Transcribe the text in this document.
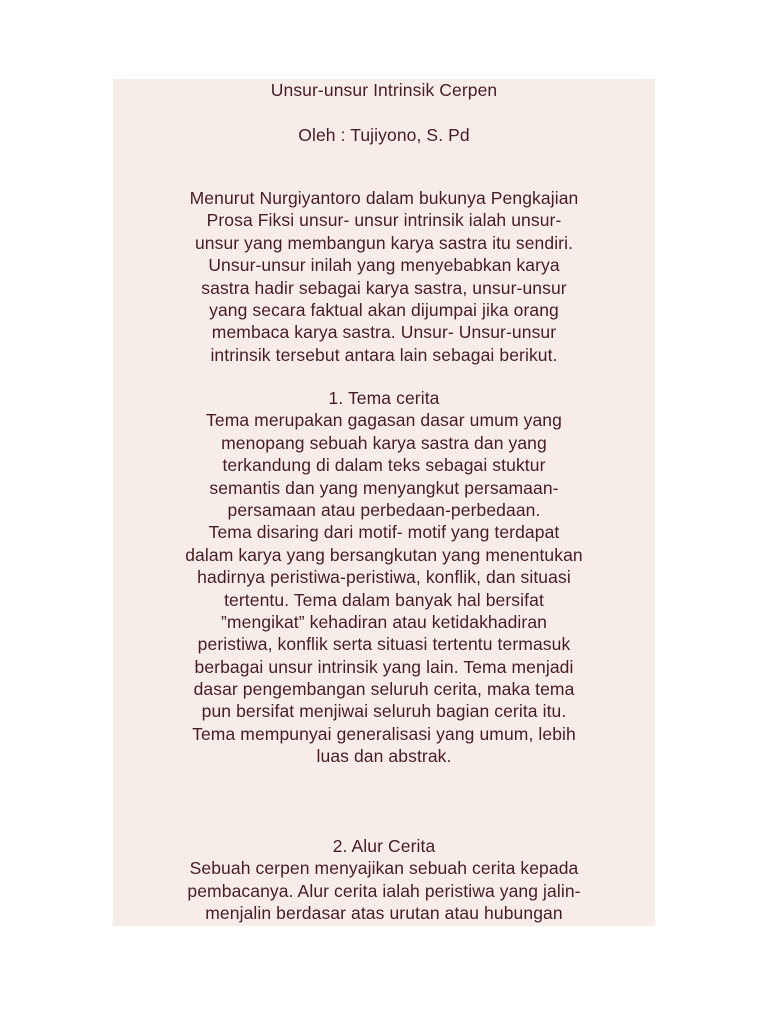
Unsur-unsur Intrinsik Cerpen
Oleh : Tujiyono, S. Pd
Menurut Nurgiyantoro dalam bukunya Pengkajian
Prosa Fiksi unsur- unsur intrinsik ialah unsur-
unsur yang membangun karya sastra itu sendiri.
Unsur-unsur inilah yang menyebabkan karya
sastra hadir sebagai karya sastra, unsur-unsur
yang secara faktual akan dijumpai jika orang
membaca karya sastra. Unsur- Unsur-unsur
intrinsik tersebut antara lain sebagai berikut.
1. Tema cerita
Tema merupakan gagasan dasar umum yang
menopang sebuah karya sastra dan yang
terkandung di dalam teks sebagai stuktur
semantis dan yang menyangkut persamaan-
persamaan atau perbedaan-perbedaan.
Tema disaring dari motif- motif yang terdapat
dalam karya yang bersangkutan yang menentukan
hadirnya peristiwa-peristiwa, konflik, dan situasi
tertentu. Tema dalam banyak hal bersifat
”mengikat” kehadiran atau ketidakhadiran
peristiwa, konflik serta situasi tertentu termasuk
berbagai unsur intrinsik yang lain. Tema menjadi
dasar pengembangan seluruh cerita, maka tema
pun bersifat menjiwai seluruh bagian cerita itu.
Tema mempunyai generalisasi yang umum, lebih
luas dan abstrak.
2. Alur Cerita
Sebuah cerpen menyajikan sebuah cerita kepada
pembacanya. Alur cerita ialah peristiwa yang jalin-
menjalin berdasar atas urutan atau hubungan
